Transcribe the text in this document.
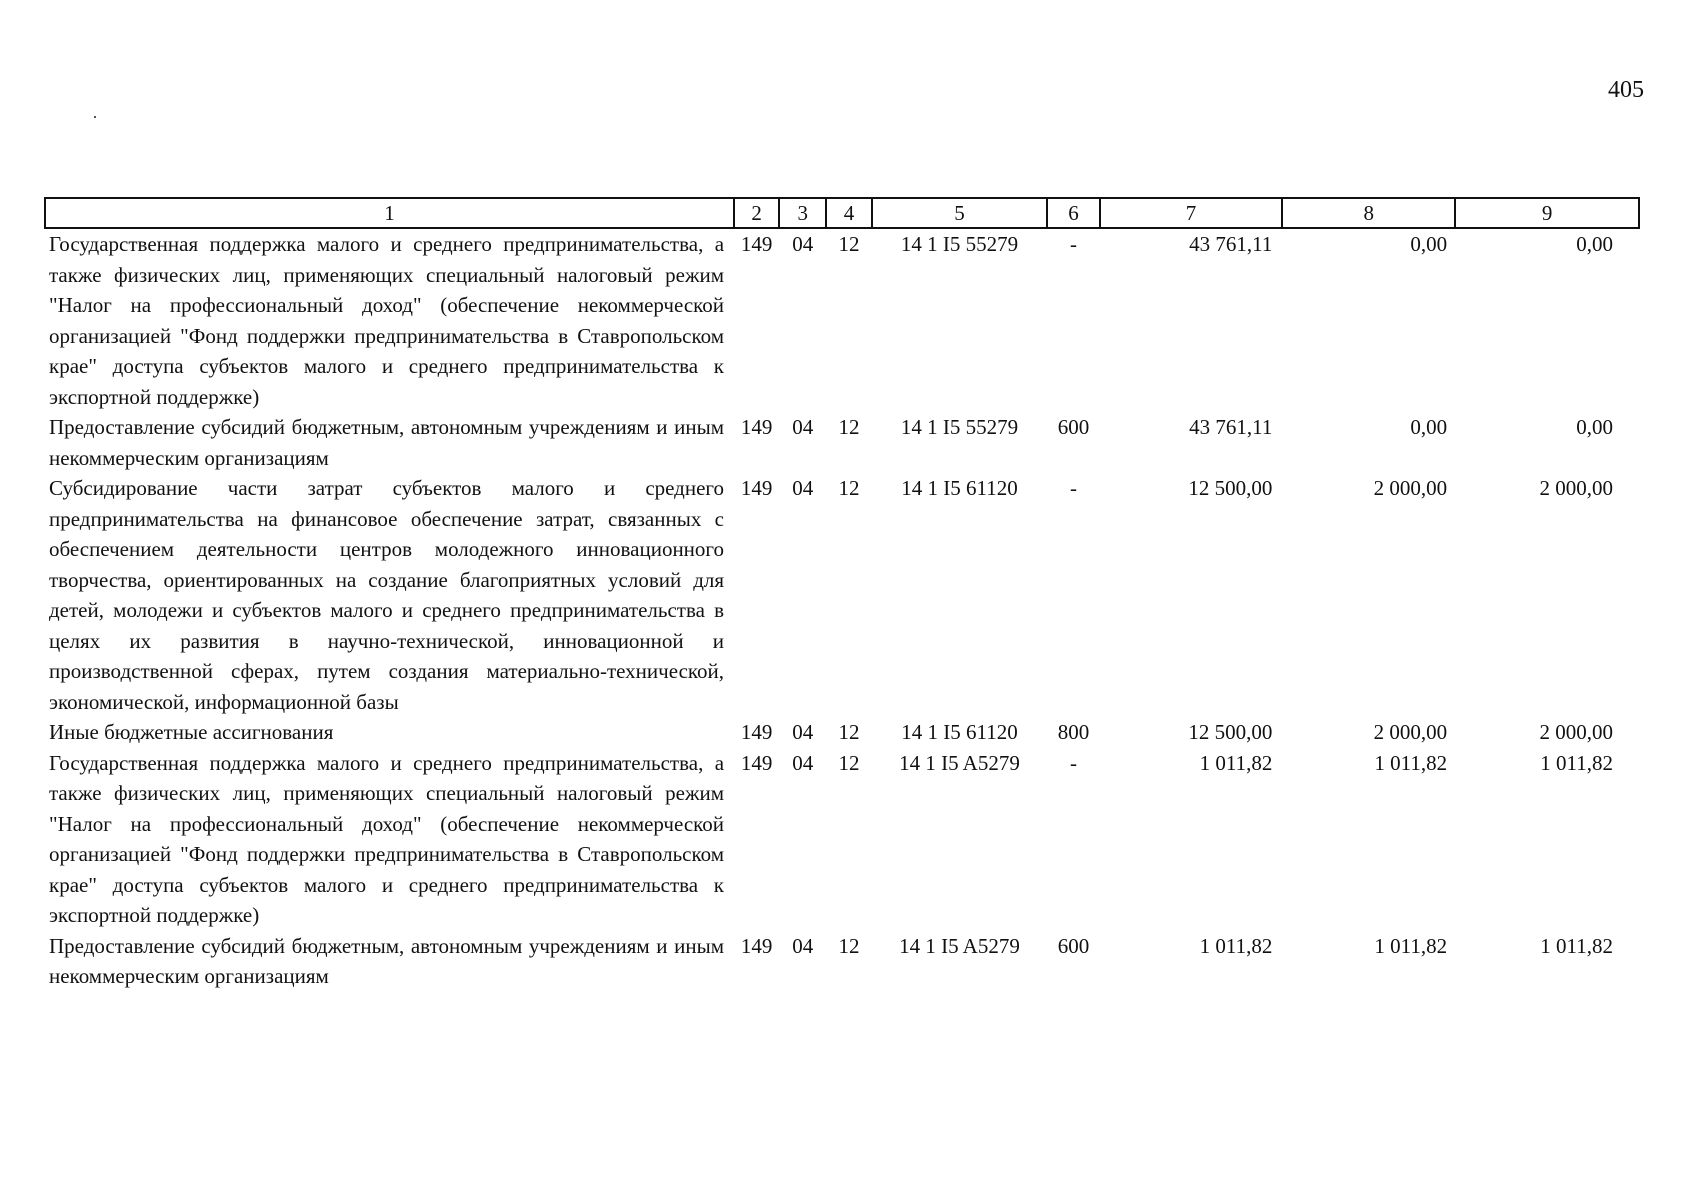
405
1	2	3	4	5	6	7	8	9
Государственная поддержка малого и среднего предпринимательства, а также физических лиц, применяющих специальный налоговый режим "Налог на профессиональный доход" (обеспечение некоммерческой организацией "Фонд поддержки предпринимательства в Ставропольском крае" доступа субъектов малого и среднего предпринимательства к экспортной поддержке)	149	04	12	14 1 I5 55279	-	43 761,11	0,00	0,00
Предоставление субсидий бюджетным, автономным учреждениям и иным некоммерческим организациям	149	04	12	14 1 I5 55279	600	43 761,11	0,00	0,00
Субсидирование части затрат субъектов малого и среднего предпринимательства на финансовое обеспечение затрат, связанных с обеспечением деятельности центров молодежного инновационного творчества, ориентированных на создание благоприятных условий для детей, молодежи и субъектов малого и среднего предпринимательства в целях их развития в научно-технической, инновационной и производственной сферах, путем создания материально-технической, экономической, информационной базы	149	04	12	14 1 I5 61120	-	12 500,00	2 000,00	2 000,00
Иные бюджетные ассигнования	149	04	12	14 1 I5 61120	800	12 500,00	2 000,00	2 000,00
Государственная поддержка малого и среднего предпринимательства, а также физических лиц, применяющих специальный налоговый режим "Налог на профессиональный доход" (обеспечение некоммерческой организацией "Фонд поддержки предпринимательства в Ставропольском крае" доступа субъектов малого и среднего предпринимательства к экспортной поддержке)	149	04	12	14 1 I5 A5279	-	1 011,82	1 011,82	1 011,82
Предоставление субсидий бюджетным, автономным учреждениям и иным некоммерческим организациям	149	04	12	14 1 I5 A5279	600	1 011,82	1 011,82	1 011,82
